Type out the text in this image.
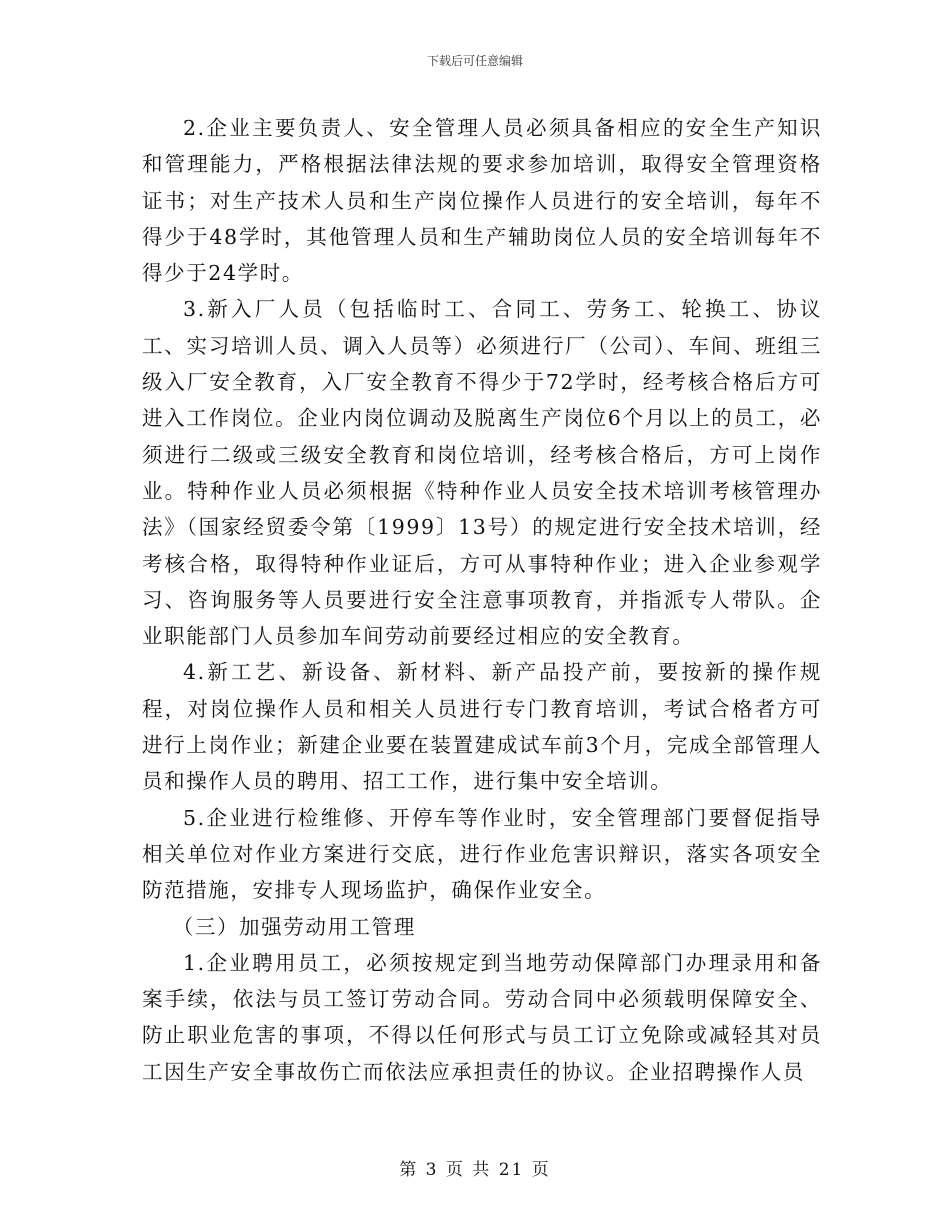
下载后可任意编辑

2.企业主要负责人、安全管理人员必须具备相应的安全生产知识和管理能力，严格根据法律法规的要求参加培训，取得安全管理资格证书；对生产技术人员和生产岗位操作人员进行的安全培训，每年不得少于48学时，其他管理人员和生产辅助岗位人员的安全培训每年不得少于24学时。

3.新入厂人员（包括临时工、合同工、劳务工、轮换工、协议工、实习培训人员、调入人员等）必须进行厂（公司）、车间、班组三级入厂安全教育，入厂安全教育不得少于72学时，经考核合格后方可进入工作岗位。企业内岗位调动及脱离生产岗位6个月以上的员工，必须进行二级或三级安全教育和岗位培训，经考核合格后，方可上岗作业。特种作业人员必须根据《特种作业人员安全技术培训考核管理办法》（国家经贸委令第〔1999〕13号）的规定进行安全技术培训，经考核合格，取得特种作业证后，方可从事特种作业；进入企业参观学习、咨询服务等人员要进行安全注意事项教育，并指派专人带队。企业职能部门人员参加车间劳动前要经过相应的安全教育。

4.新工艺、新设备、新材料、新产品投产前，要按新的操作规程，对岗位操作人员和相关人员进行专门教育培训，考试合格者方可进行上岗作业；新建企业要在装置建成试车前3个月，完成全部管理人员和操作人员的聘用、招工工作，进行集中安全培训。

5.企业进行检维修、开停车等作业时，安全管理部门要督促指导相关单位对作业方案进行交底，进行作业危害识辩识，落实各项安全防范措施，安排专人现场监护，确保作业安全。

（三）加强劳动用工管理

1.企业聘用员工，必须按规定到当地劳动保障部门办理录用和备案手续，依法与员工签订劳动合同。劳动合同中必须载明保障安全、防止职业危害的事项，不得以任何形式与员工订立免除或减轻其对员工因生产安全事故伤亡而依法应承担责任的协议。企业招聘操作人员

第 3 页 共 21 页
